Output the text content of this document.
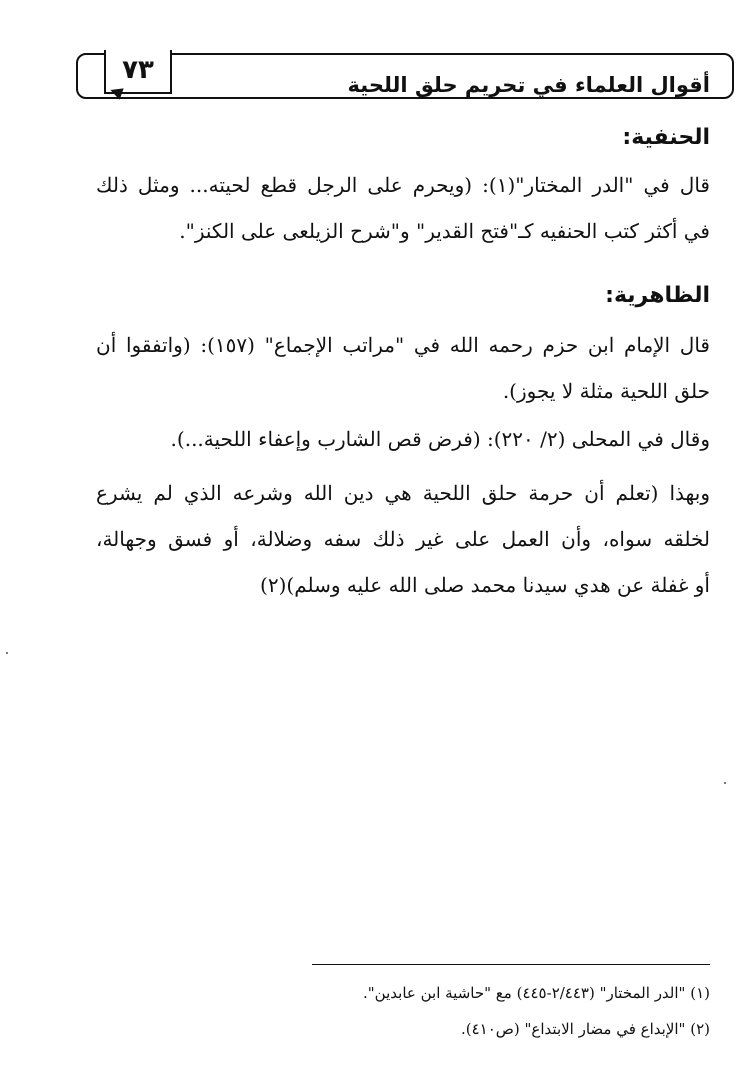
٧٣	أقوال العلماء في تحريم حلق اللحية
الحنفية:
قال في "الدر المختار"(١): (ويحرم على الرجل قطع لحيته... ومثل ذلك
في أكثر كتب الحنفيه كـ"فتح القدير" و"شرح الزيلعى على الكنز".
الظاهرية:
قال الإمام ابن حزم رحمه الله في "مراتب الإجماع" (١٥٧): (واتفقوا أن
حلق اللحية مثلة لا يجوز).
وقال في المحلى (٢/ ٢٢٠): (فرض قص الشارب وإعفاء اللحية...).
وبهذا (تعلم أن حرمة حلق اللحية هي دين الله وشرعه الذي لم يشرع
لخلقه سواه، وأن العمل على غير ذلك سفه وضلالة، أو فسق وجهالة،
أو غفلة عن هدي سيدنا محمد صلى الله عليه وسلم)(٢)
(١) "الدر المختار" (٢/٤٤٣-٤٤٥) مع "حاشية ابن عابدين".
(٢) "الإبداع في مضار الابتداع" (ص٤١٠).
